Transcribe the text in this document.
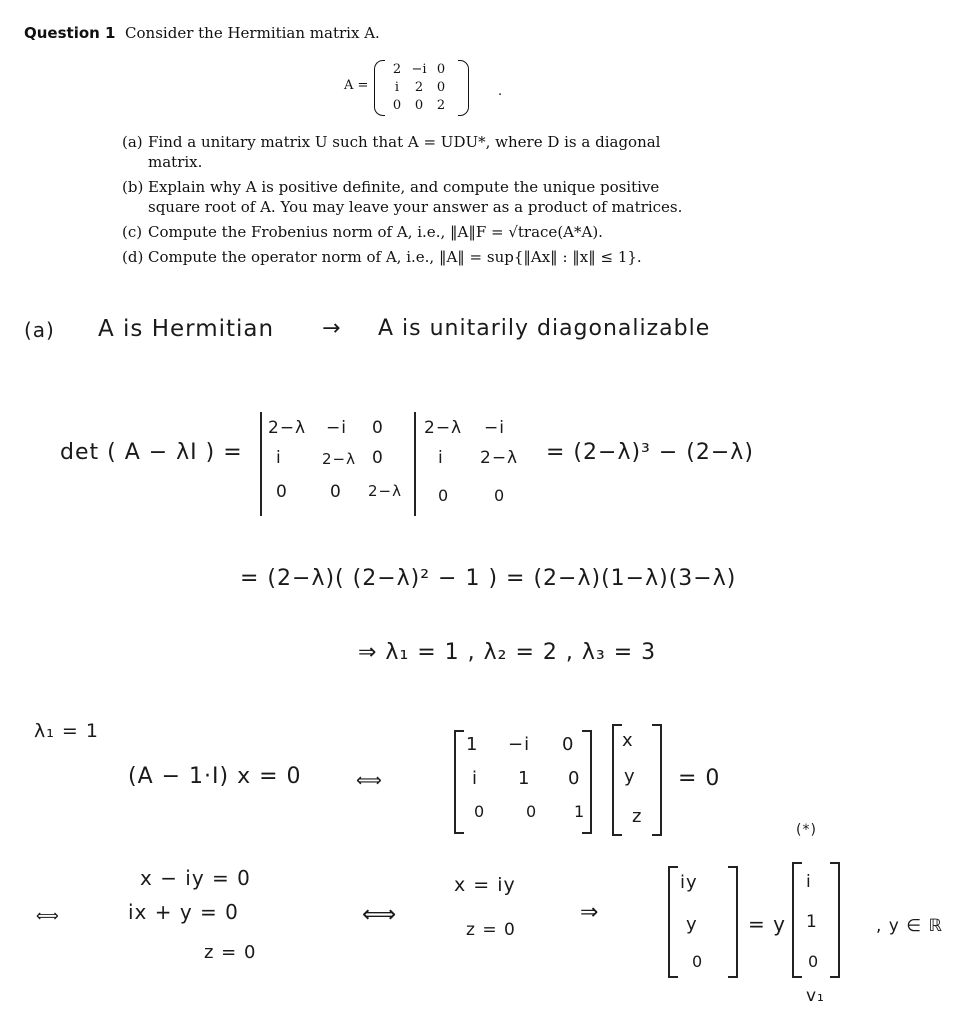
Question 1 Consider the Hermitian matrix A.
A =
2	−i	0
i	2	0
0	0	2
.
(a) Find a unitary matrix U such that A = UDU*, where D is a diagonal matrix.
(b) Explain why A is positive definite, and compute the unique positive square root of A. You may leave your answer as a product of matrices.
(c) Compute the Frobenius norm of A, i.e., ‖A‖F = √trace(A*A).
(d) Compute the operator norm of A, i.e., ‖A‖ = sup{‖Ax‖ : ‖x‖ ≤ 1}.
(a) A is Hermitian → A is unitarily diagonalizable
det ( A − λI ) =
2−λ −i 0
i	2−λ 0
0 0 2−λ
2−λ −i
i 2−λ
0	0
= (2−λ)³ − (2−λ)
= (2−λ)( (2−λ)² − 1 ) = (2−λ)(1−λ)(3−λ)
⇒ λ₁ = 1 , λ₂ = 2 , λ₃ = 3
λ₁ = 1
(A − 1·I) x = 0	⟺
1 −i 0
i 1 0
0	0 1
x
y
z
= 0
(*)
⟺
x − iy = 0
ix + y = 0
z = 0
⟺
x = iy
z = 0
⇒
iy
y
0
= y
i
1
0
, y ∈ ℝ
v₁
